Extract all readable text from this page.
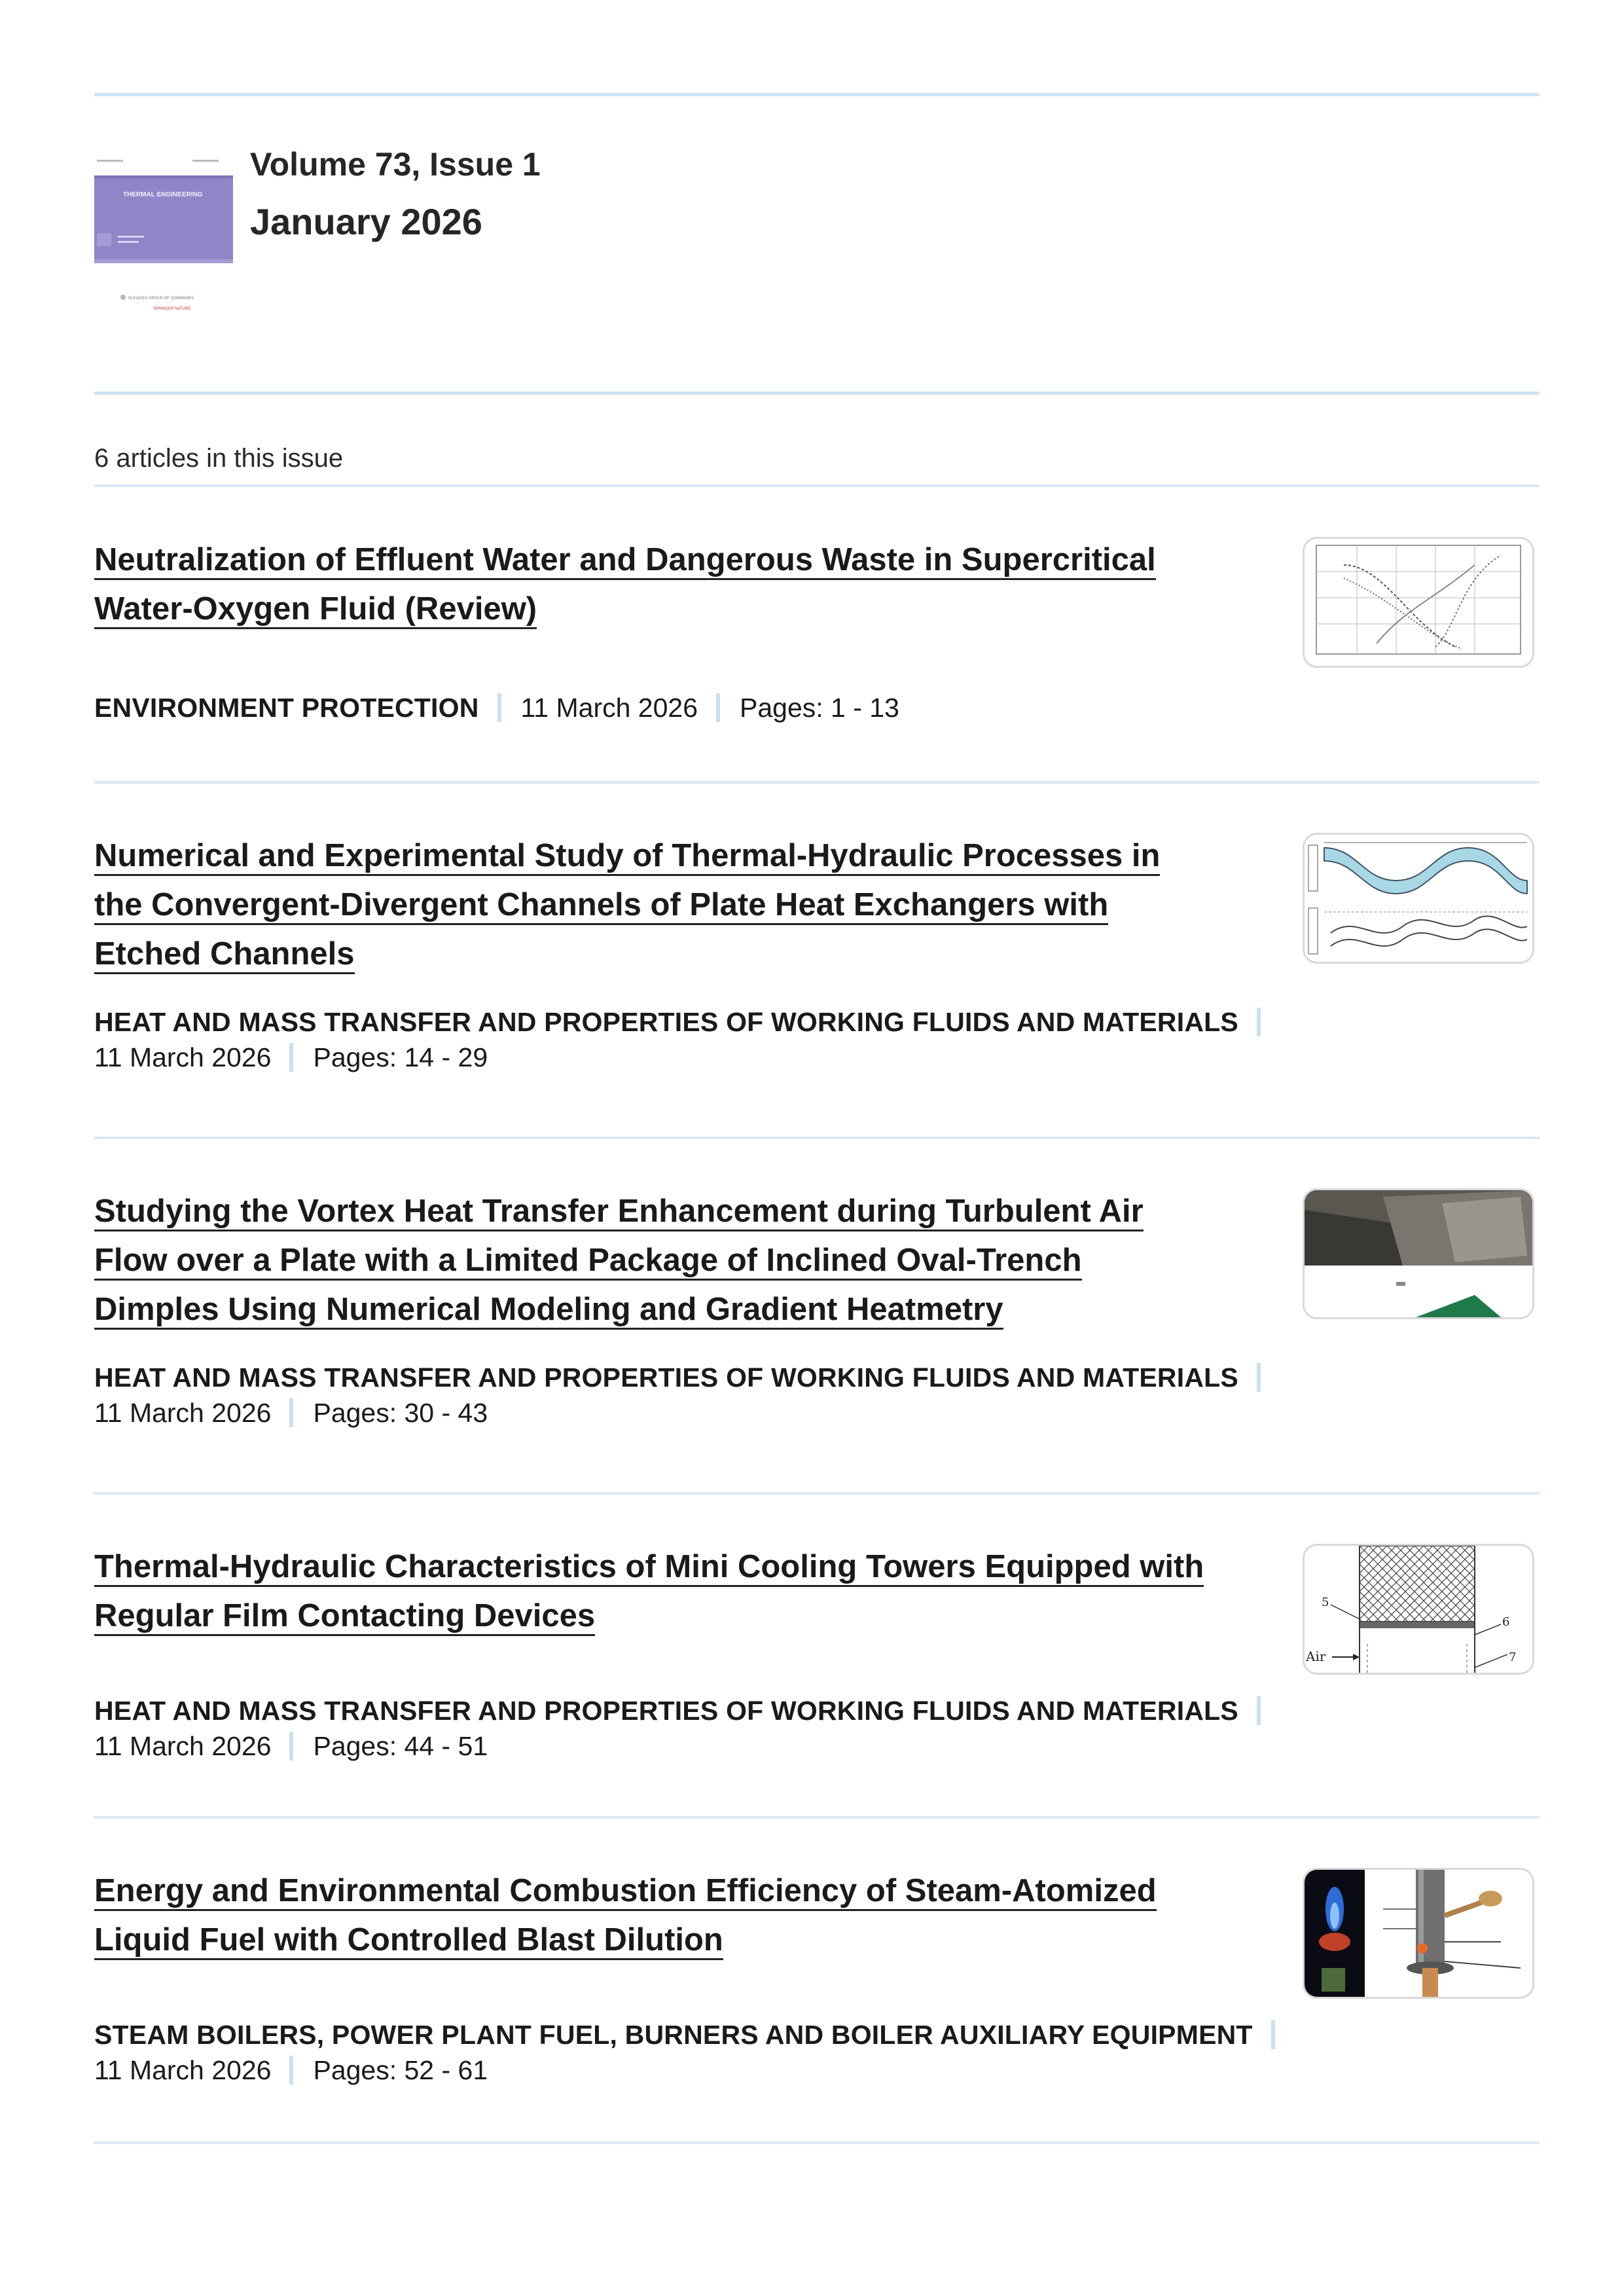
THERMAL ENGINEERING
PLEIADES GROUP OF COMPANIES
SPRINGER NATURE
Volume 73, Issue 1
January 2026
6 articles in this issue
Neutralization of Effluent Water and Dangerous Waste in Supercritical
Water-Oxygen Fluid (Review)
ENVIRONMENT PROTECTION 11 March 2026 Pages: 1 - 13
Numerical and Experimental Study of Thermal-Hydraulic Processes in
the Convergent-Divergent Channels of Plate Heat Exchangers with
Etched Channels
HEAT AND MASS TRANSFER AND PROPERTIES OF WORKING FLUIDS AND MATERIALS
11 March 2026 Pages: 14 - 29
Studying the Vortex Heat Transfer Enhancement during Turbulent Air
Flow over a Plate with a Limited Package of Inclined Oval-Trench
Dimples Using Numerical Modeling and Gradient Heatmetry
HEAT AND MASS TRANSFER AND PROPERTIES OF WORKING FLUIDS AND MATERIALS
11 March 2026 Pages: 30 - 43
Thermal-Hydraulic Characteristics of Mini Cooling Towers Equipped with
Regular Film Contacting Devices
HEAT AND MASS TRANSFER AND PROPERTIES OF WORKING FLUIDS AND MATERIALS
11 March 2026 Pages: 44 - 51
5
6
7
Air
Energy and Environmental Combustion Efficiency of Steam-Atomized
Liquid Fuel with Controlled Blast Dilution
STEAM BOILERS, POWER PLANT FUEL, BURNERS AND BOILER AUXILIARY EQUIPMENT
11 March 2026 Pages: 52 - 61
